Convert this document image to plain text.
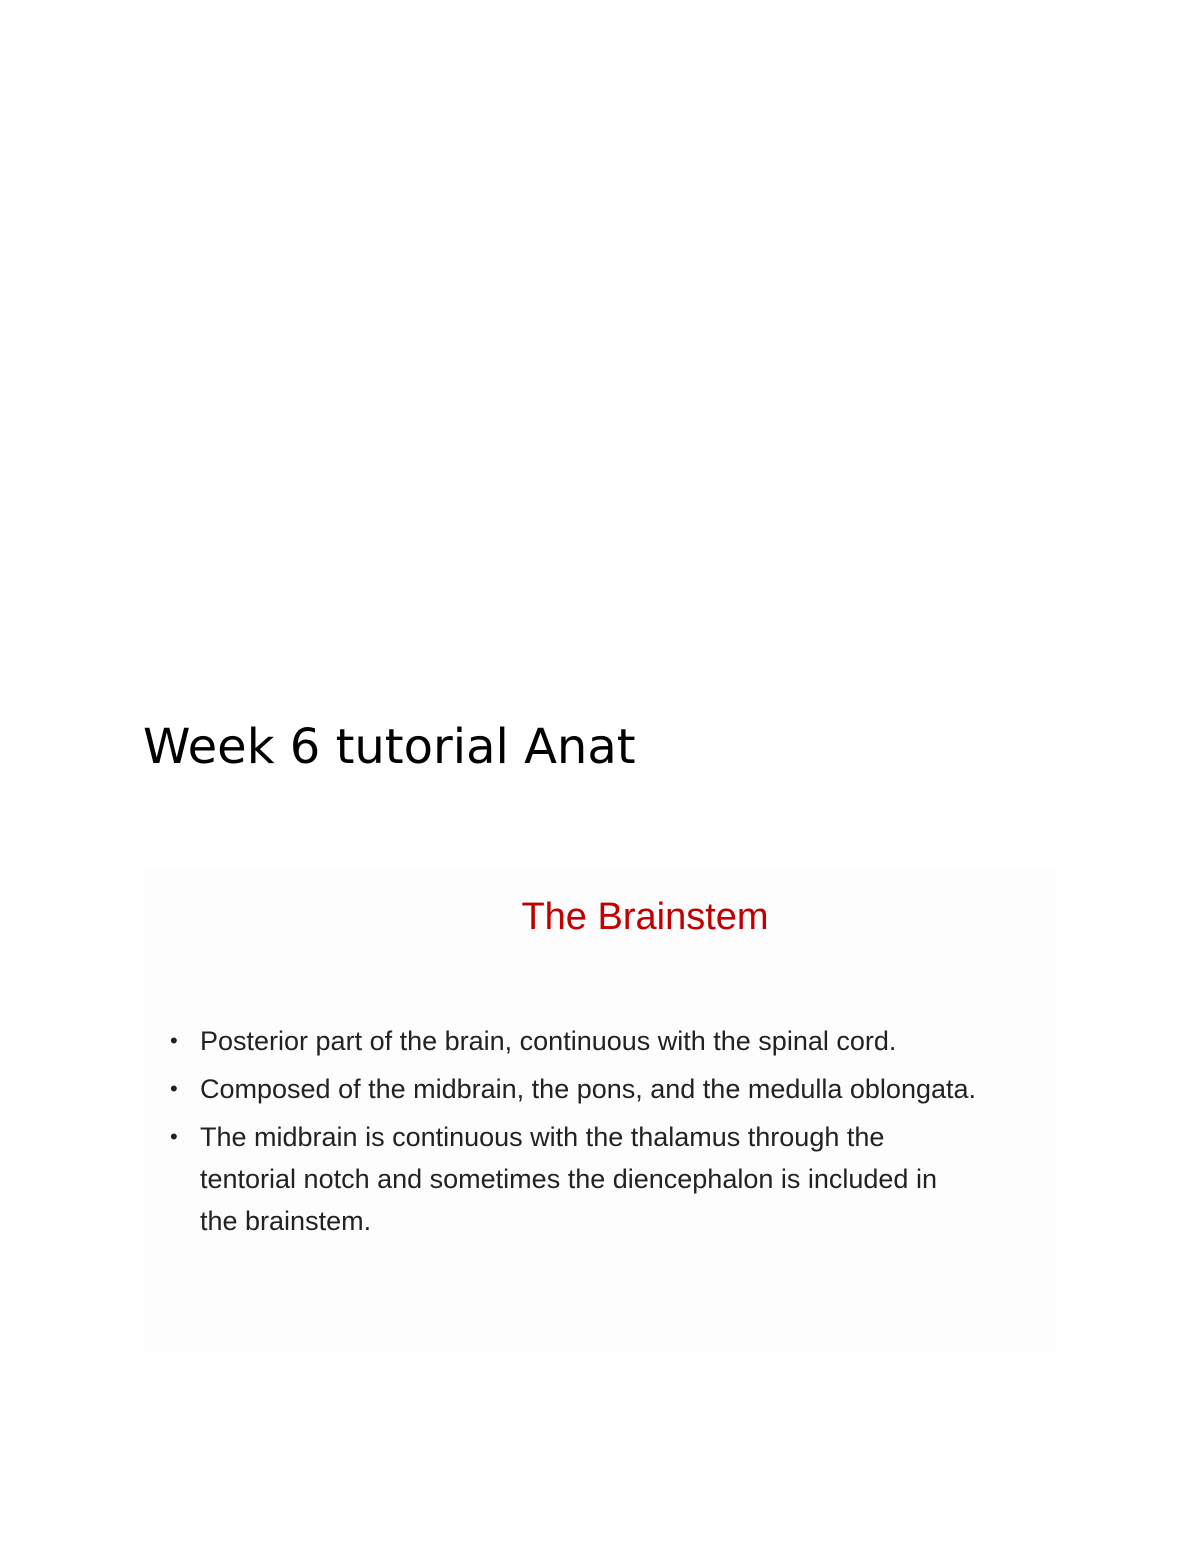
Week 6 tutorial Anat
The Brainstem
• Posterior part of the brain, continuous with the spinal cord.
• Composed of the midbrain, the pons, and the medulla oblongata.
• The midbrain is continuous with the thalamus through the tentorial notch and sometimes the diencephalon is included in the brainstem.
